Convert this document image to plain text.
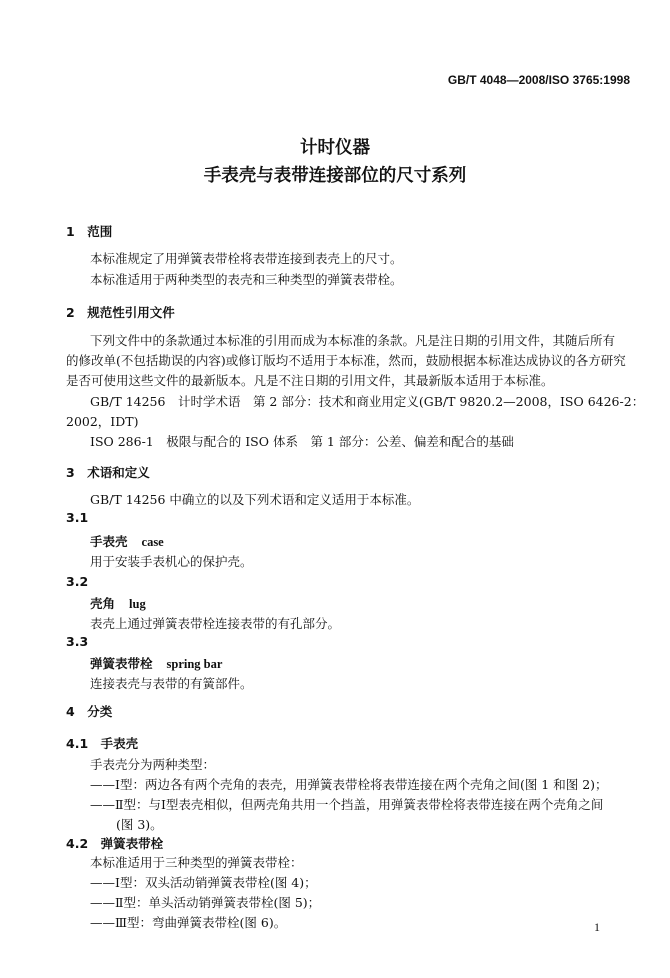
GB/T 4048—2008/ISO 3765:1998
计时仪器
手表壳与表带连接部位的尺寸系列
1　范围
本标准规定了用弹簧表带栓将表带连接到表壳上的尺寸。
本标准适用于两种类型的表壳和三种类型的弹簧表带栓。
2　规范性引用文件
下列文件中的条款通过本标准的引用而成为本标准的条款。凡是注日期的引用文件，其随后所有
的修改单(不包括勘误的内容)或修订版均不适用于本标准，然而，鼓励根据本标准达成协议的各方研究
是否可使用这些文件的最新版本。凡是不注日期的引用文件，其最新版本适用于本标准。
GB/T 14256　计时学术语　第 2 部分：技术和商业用定义(GB/T 9820.2—2008，ISO 6426-2：
2002，IDT)
ISO 286-1　极限与配合的 ISO 体系　第 1 部分：公差、偏差和配合的基础
3　术语和定义
GB/T 14256 中确立的以及下列术语和定义适用于本标准。
3.1
手表壳 case
用于安装手表机心的保护壳。
3.2
壳角 lug
表壳上通过弹簧表带栓连接表带的有孔部分。
3.3
弹簧表带栓 spring bar
连接表壳与表带的有簧部件。
4　分类
4.1　手表壳
手表壳分为两种类型：
——Ⅰ型：两边各有两个壳角的表壳，用弹簧表带栓将表带连接在两个壳角之间(图 1 和图 2)；
——Ⅱ型：与Ⅰ型表壳相似，但两壳角共用一个挡盖，用弹簧表带栓将表带连接在两个壳角之间
(图 3)。
4.2　弹簧表带栓
本标准适用于三种类型的弹簧表带栓：
——Ⅰ型：双头活动销弹簧表带栓(图 4)；
——Ⅱ型：单头活动销弹簧表带栓(图 5)；
——Ⅲ型：弯曲弹簧表带栓(图 6)。	1
